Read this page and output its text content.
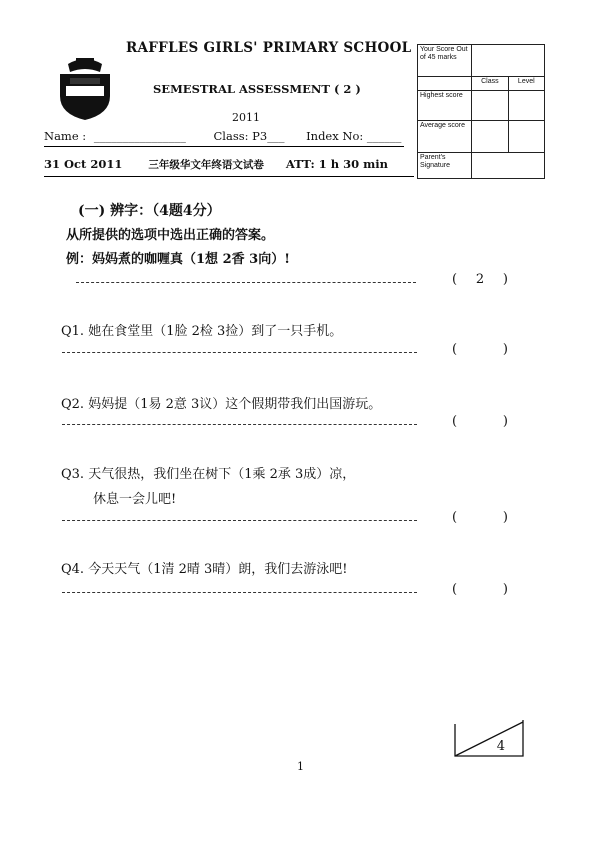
RAFFLES GIRLS' PRIMARY SCHOOL
SEMESTRAL ASSESSMENT ( 2 )
2011
Name : ________________ Class: P3___ Index No: ______
31 Oct 2011 三年级华文年终语文试卷 ATT: 1 h 30 min
Your Score Out of 45 marks		
	Class	Level
Highest score		
Average score		
Parent's Signature		
(一) 辨字：（4题4分）
从所提供的选项中选出正确的答案。
例：妈妈煮的咖喱真（1想 2香 3向）!
( 2 )
Q1. 她在食堂里（1脸 2检 3捡）到了一只手机。
(	)
Q2. 妈妈提（1易 2意 3议）这个假期带我们出国游玩。
(	)
Q3. 天气很热，我们坐在树下（1乘 2承 3成）凉，
休息一会儿吧!
(	)
Q4. 今天天气（1清 2晴 3晴）朗，我们去游泳吧!
(	)
4
1
